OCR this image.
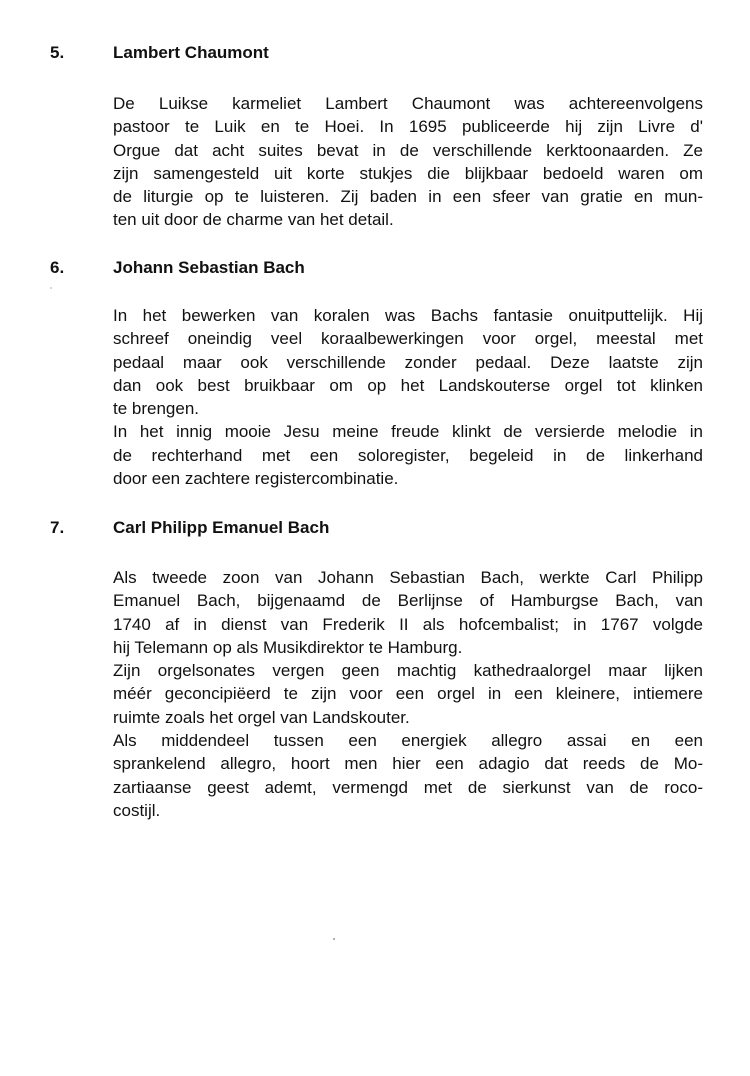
5.	Lambert Chaumont
De Luikse karmeliet Lambert Chaumont was achtereenvolgens
pastoor te Luik en te Hoei. In 1695 publiceerde hij zijn Livre d'
Orgue dat acht suites bevat in de verschillende kerktoonaarden. Ze
zijn samengesteld uit korte stukjes die blijkbaar bedoeld waren om
de liturgie op te luisteren. Zij baden in een sfeer van gratie en mun-
ten uit door de charme van het detail.
6.	Johann Sebastian Bach
In het bewerken van koralen was Bachs fantasie onuitputtelijk. Hij
schreef oneindig veel koraalbewerkingen voor orgel, meestal met
pedaal maar ook verschillende zonder pedaal. Deze laatste zijn
dan ook best bruikbaar om op het Landskouterse orgel tot klinken
te brengen.
In het innig mooie Jesu meine freude klinkt de versierde melodie in
de rechterhand met een soloregister, begeleid in de linkerhand
door een zachtere registercombinatie.
7.	Carl Philipp Emanuel Bach
Als tweede zoon van Johann Sebastian Bach, werkte Carl Philipp
Emanuel Bach, bijgenaamd de Berlijnse of Hamburgse Bach, van
1740 af in dienst van Frederik II als hofcembalist; in 1767 volgde
hij Telemann op als Musikdirektor te Hamburg.
Zijn orgelsonates vergen geen machtig kathedraalorgel maar lijken
méér geconcipiëerd te zijn voor een orgel in een kleinere, intiemere
ruimte zoals het orgel van Landskouter.
Als middendeel tussen een energiek allegro assai en een
sprankelend allegro, hoort men hier een adagio dat reeds de Mo-
zartiaanse geest ademt, vermengd met de sierkunst van de roco-
costijl.
